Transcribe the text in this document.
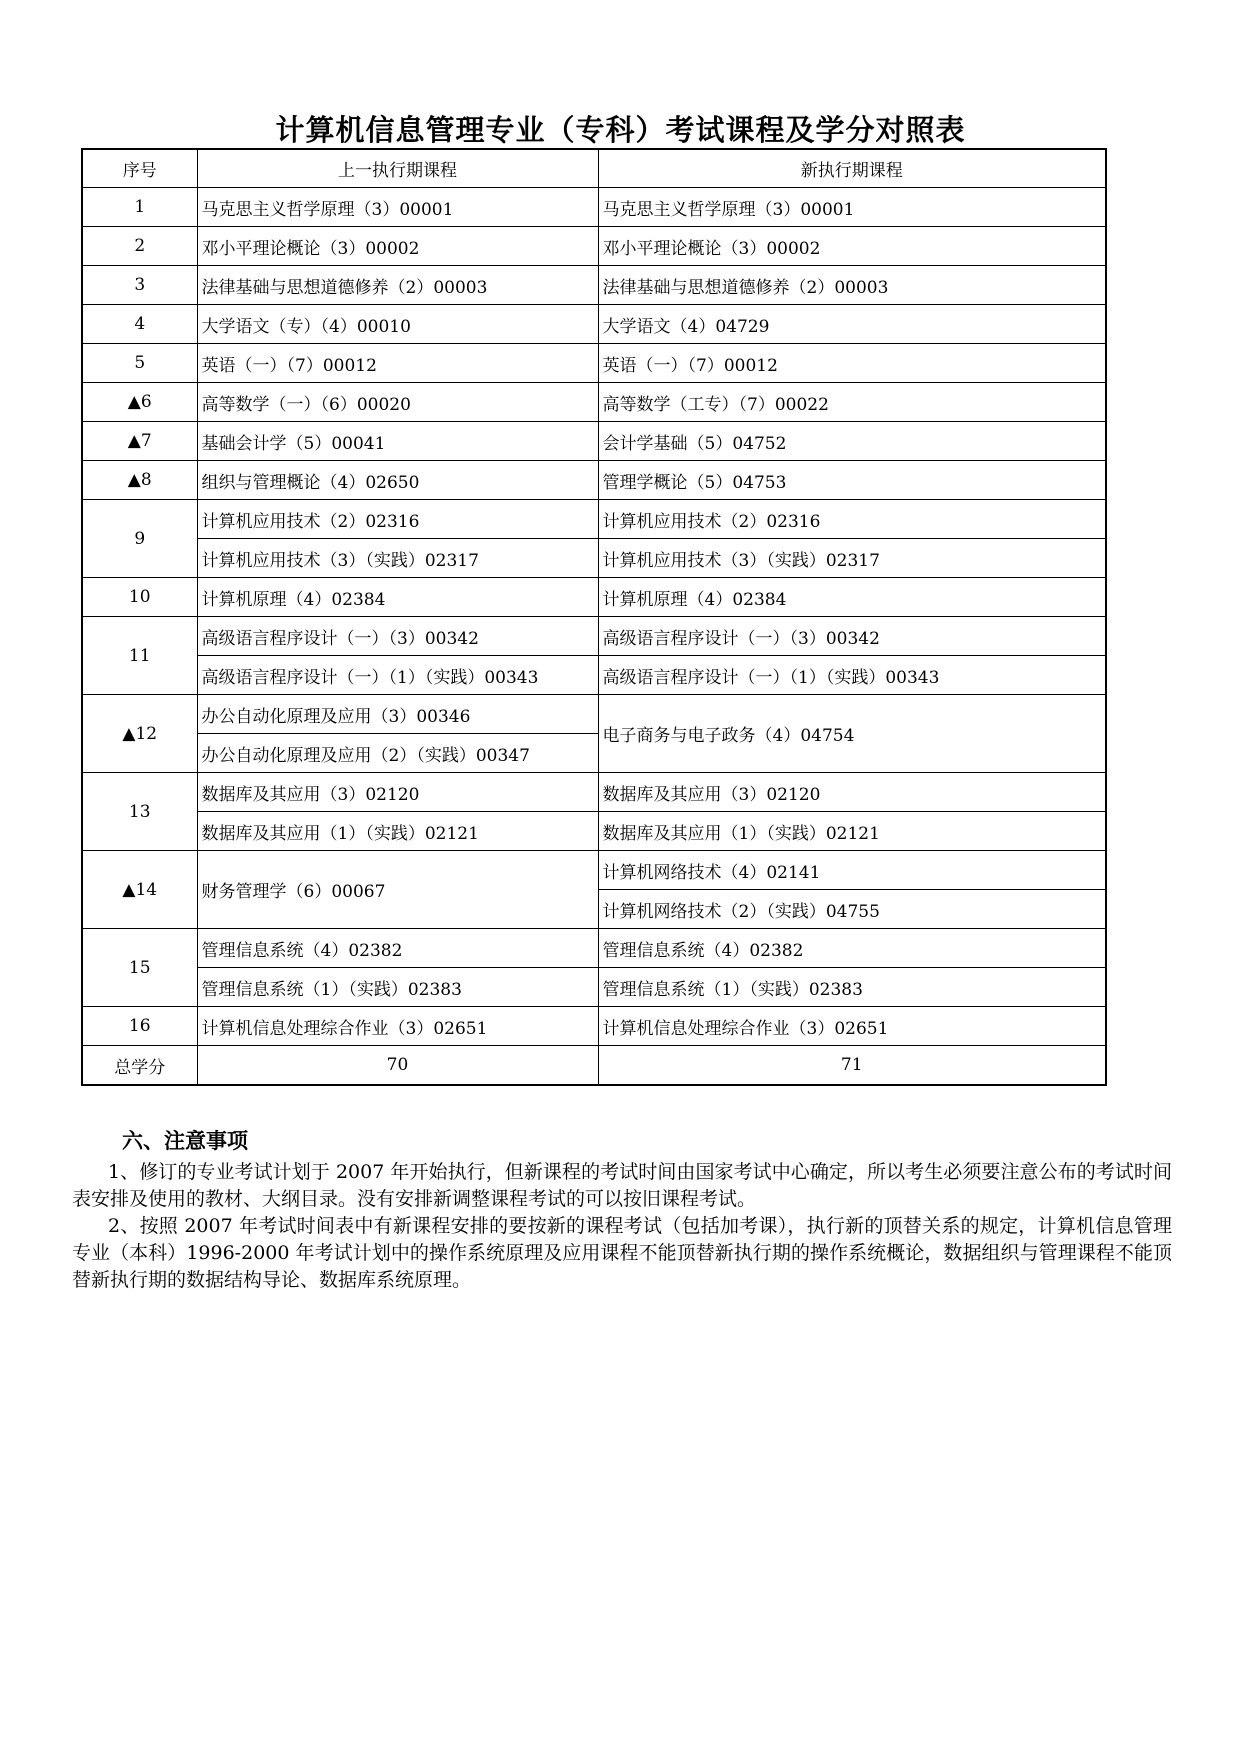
计算机信息管理专业（专科）考试课程及学分对照表
序号	上一执行期课程	新执行期课程
1	马克思主义哲学原理（3）00001	马克思主义哲学原理（3）00001
2	邓小平理论概论（3）00002	邓小平理论概论（3）00002
3	法律基础与思想道德修养（2）00003	法律基础与思想道德修养（2）00003
4	大学语文（专）（4）00010	大学语文（4）04729
5	英语（一）（7）00012	英语（一）（7）00012
▲6	高等数学（一）（6）00020	高等数学（工专）（7）00022
▲7	基础会计学（5）00041	会计学基础（5）04752
▲8	组织与管理概论（4）02650	管理学概论（5）04753
9	计算机应用技术（2）02316	计算机应用技术（2）02316
	计算机应用技术（3）（实践）02317	计算机应用技术（3）（实践）02317
10	计算机原理（4）02384	计算机原理（4）02384
11	高级语言程序设计（一）（3）00342	高级语言程序设计（一）（3）00342
	高级语言程序设计（一）（1）（实践）00343	高级语言程序设计（一）（1）（实践）00343
▲12	办公自动化原理及应用（3）00346	电子商务与电子政务（4）04754
	办公自动化原理及应用（2）（实践）00347	
13	数据库及其应用（3）02120	数据库及其应用（3）02120
	数据库及其应用（1）（实践）02121	数据库及其应用（1）（实践）02121
▲14	财务管理学（6）00067	计算机网络技术（4）02141
		计算机网络技术（2）（实践）04755
15	管理信息系统（4）02382	管理信息系统（4）02382
	管理信息系统（1）（实践）02383	管理信息系统（1）（实践）02383
16	计算机信息处理综合作业（3）02651	计算机信息处理综合作业（3）02651
总学分	70	71
六、注意事项

1、修订的专业考试计划于 2007 年开始执行，但新课程的考试时间由国家考试中心确定，所以考生必须要注意公布的考试时间表安排及使用的教材、大纲目录。没有安排新调整课程考试的可以按旧课程考试。

2、按照 2007 年考试时间表中有新课程安排的要按新的课程考试（包括加考课），执行新的顶替关系的规定，计算机信息管理专业（本科）1996-2000 年考试计划中的操作系统原理及应用课程不能顶替新执行期的操作系统概论，数据组织与管理课程不能顶替新执行期的数据结构导论、数据库系统原理。
